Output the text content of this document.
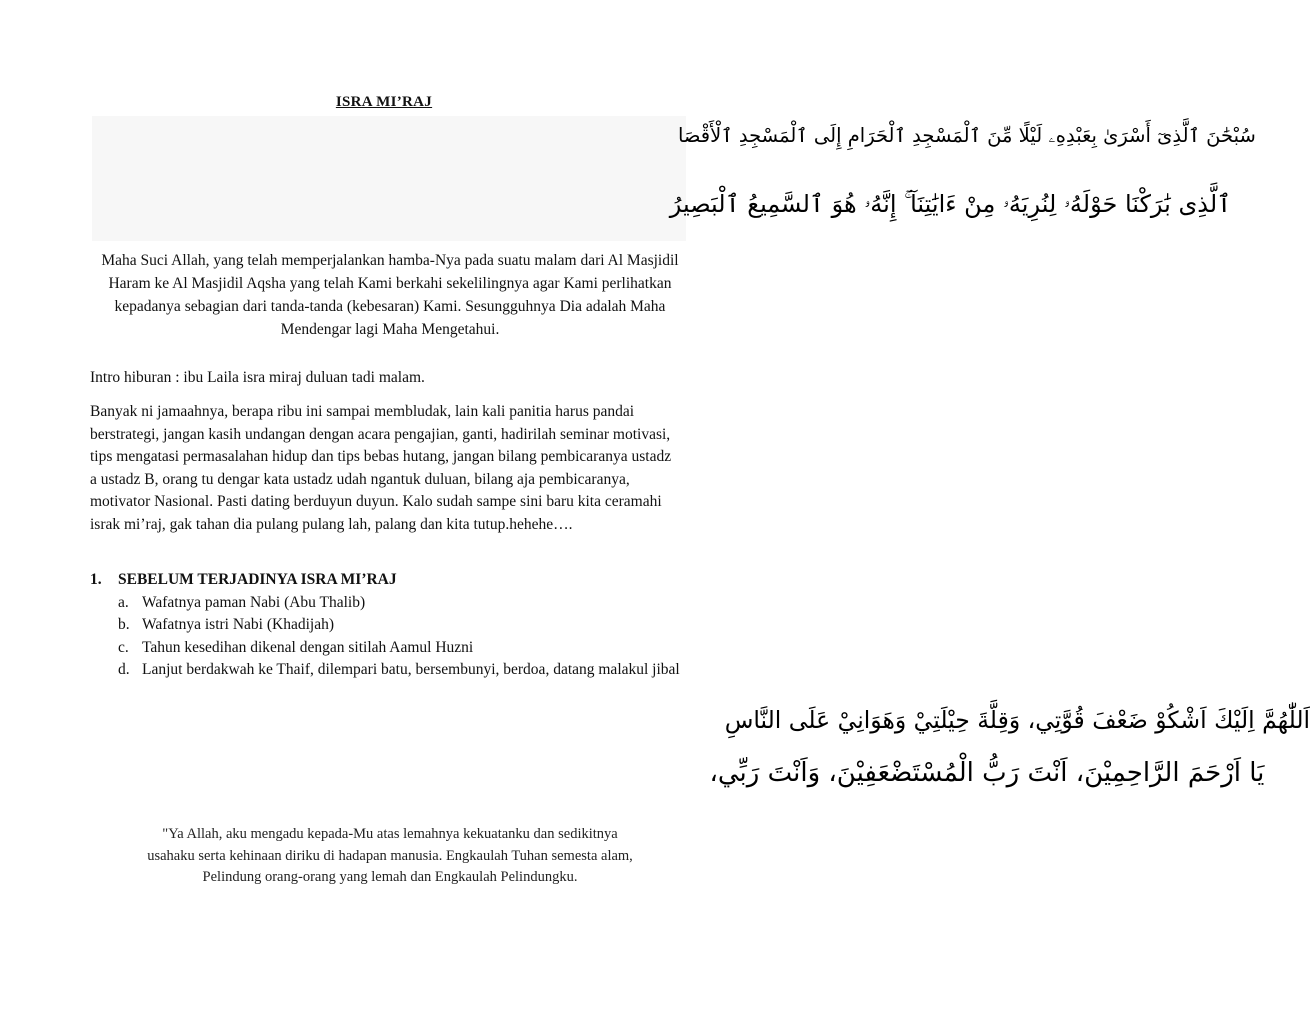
ISRA MI’RAJ
سُبْحَٰنَ ٱلَّذِىٓ أَسْرَىٰ بِعَبْدِهِۦ لَيْلًا مِّنَ ٱلْمَسْجِدِ ٱلْحَرَامِ إِلَى ٱلْمَسْجِدِ ٱلْأَقْصَا
ٱلَّذِى بَٰرَكْنَا حَوْلَهُۥ لِنُرِيَهُۥ مِنْ ءَايَٰتِنَآ ۚ إِنَّهُۥ هُوَ ٱلسَّمِيعُ ٱلْبَصِيرُ
Maha Suci Allah, yang telah memperjalankan hamba-Nya pada suatu malam dari Al Masjidil Haram ke Al Masjidil Aqsha yang telah Kami berkahi sekelilingnya agar Kami perlihatkan kepadanya sebagian dari tanda-tanda (kebesaran) Kami. Sesungguhnya Dia adalah Maha Mendengar lagi Maha Mengetahui.
Intro hiburan : ibu Laila isra miraj duluan tadi malam.
Banyak ni jamaahnya, berapa ribu ini sampai membludak, lain kali panitia harus pandai berstrategi, jangan kasih undangan dengan acara pengajian, ganti, hadirilah seminar motivasi, tips mengatasi permasalahan hidup dan tips bebas hutang, jangan bilang pembicaranya ustadz a ustadz B, orang tu dengar kata ustadz udah ngantuk duluan, bilang aja pembicaranya, motivator Nasional. Pasti dating berduyun duyun. Kalo sudah sampe sini baru kita ceramahi israk mi’raj, gak tahan dia pulang pulang lah, palang dan kita tutup.hehehe….
1.	SEBELUM TERJADINYA ISRA MI’RAJ
a. Wafatnya paman Nabi (Abu Thalib)
b. Wafatnya istri Nabi (Khadijah)
c. Tahun kesedihan dikenal dengan sitilah Aamul Huzni
d. Lanjut berdakwah ke Thaif, dilempari batu, bersembunyi, berdoa, datang malakul jibal
اَللّٰهُمَّ اِلَيْكَ اَشْكُوْ ضَعْفَ قُوَّتِي، وَقِلَّةَ حِيْلَتِيْ وَهَوَانِيْ عَلَى النَّاسِ
يَا اَرْحَمَ الرَّاحِمِيْنَ، اَنْتَ رَبُّ الْمُسْتَضْعَفِيْنَ، وَاَنْتَ رَبِّي،
"Ya Allah, aku mengadu kepada-Mu atas lemahnya kekuatanku dan sedikitnya usahaku serta kehinaan diriku di hadapan manusia. Engkaulah Tuhan semesta alam, Pelindung orang-orang yang lemah dan Engkaulah Pelindungku.
